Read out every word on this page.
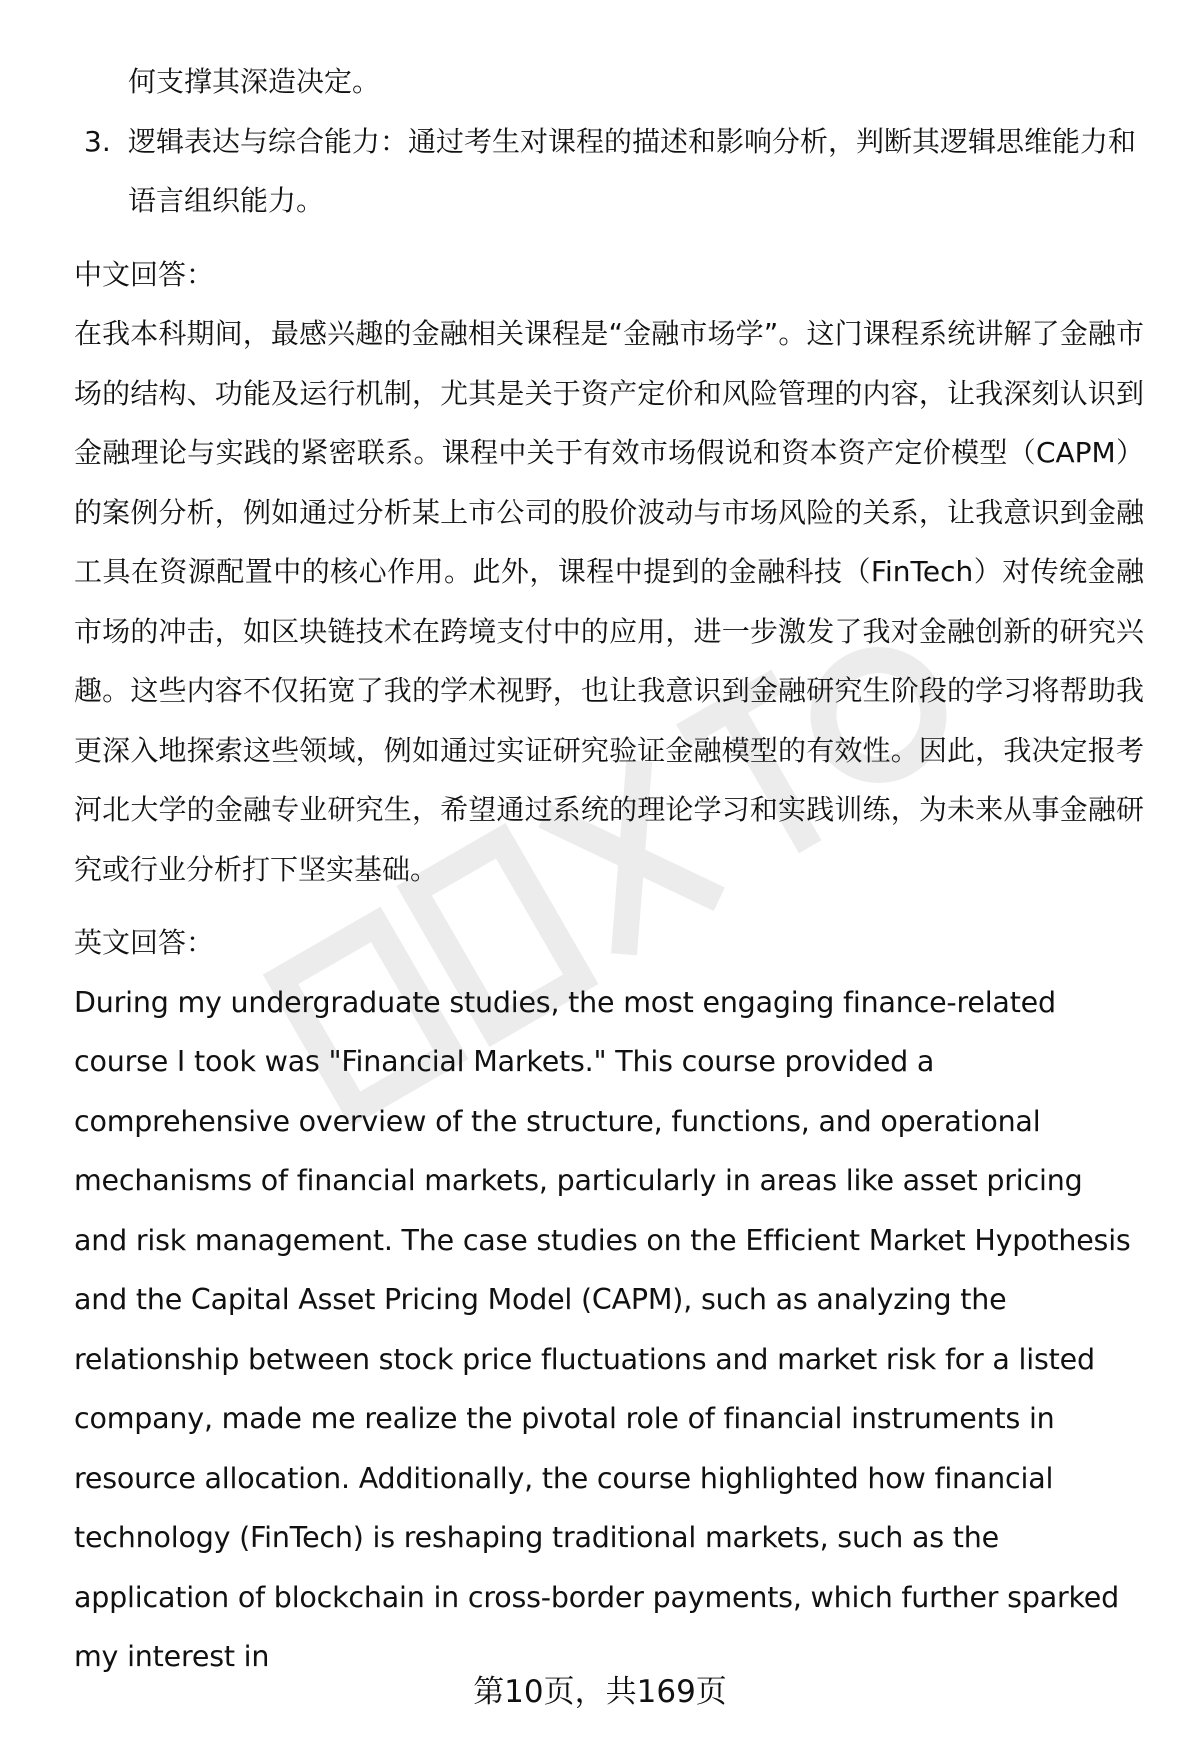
何支撑其深造决定。

3. 逻辑表达与综合能力：通过考生对课程的描述和影响分析，判断其逻辑思维能力和语言组织能力。

中文回答：

在我本科期间，最感兴趣的金融相关课程是“金融市场学”。这门课程系统讲解了金融市场的结构、功能及运行机制，尤其是关于资产定价和风险管理的内容，让我深刻认识到金融理论与实践的紧密联系。课程中关于有效市场假说和资本资产定价模型（CAPM）的案例分析，例如通过分析某上市公司的股价波动与市场风险的关系，让我意识到金融工具在资源配置中的核心作用。此外，课程中提到的金融科技（FinTech）对传统金融市场的冲击，如区块链技术在跨境支付中的应用，进一步激发了我对金融创新的研究兴趣。这些内容不仅拓宽了我的学术视野，也让我意识到金融研究生阶段的学习将帮助我更深入地探索这些领域，例如通过实证研究验证金融模型的有效性。因此，我决定报考河北大学的金融专业研究生，希望通过系统的理论学习和实践训练，为未来从事金融研究或行业分析打下坚实基础。

英文回答：

During my undergraduate studies, the most engaging finance-related course I took was "Financial Markets." This course provided a comprehensive overview of the structure, functions, and operational mechanisms of financial markets, particularly in areas like asset pricing and risk management. The case studies on the Efficient Market Hypothesis and the Capital Asset Pricing Model (CAPM), such as analyzing the relationship between stock price fluctuations and market risk for a listed company, made me realize the pivotal role of financial instruments in resource allocation. Additionally, the course highlighted how financial technology (FinTech) is reshaping traditional markets, such as the application of blockchain in cross-border payments, which further sparked my interest in

第10页，共169页
